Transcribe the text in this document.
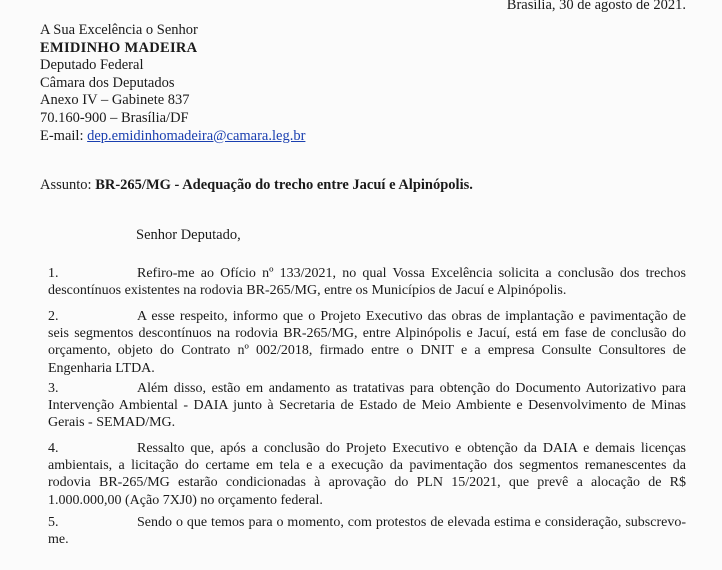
Brasília, 30 de agosto de 2021.
A Sua Excelência o Senhor
EMIDINHO MADEIRA
Deputado Federal
Câmara dos Deputados
Anexo IV – Gabinete 837
70.160-900 – Brasília/DF
E-mail: dep.emidinhomadeira@camara.leg.br
Assunto: BR-265/MG - Adequação do trecho entre Jacuí e Alpinópolis.
Senhor Deputado,
1.	Refiro-me ao Ofício nº 133/2021, no qual Vossa Excelência solicita a conclusão dos trechos descontínuos existentes na rodovia BR-265/MG, entre os Municípios de Jacuí e Alpinópolis.
2.	A esse respeito, informo que o Projeto Executivo das obras de implantação e pavimentação de seis segmentos descontínuos na rodovia BR-265/MG, entre Alpinópolis e Jacuí, está em fase de conclusão do orçamento, objeto do Contrato nº 002/2018, firmado entre o DNIT e a empresa Consulte Consultores de Engenharia LTDA.
3.	Além disso, estão em andamento as tratativas para obtenção do Documento Autorizativo para Intervenção Ambiental - DAIA junto à Secretaria de Estado de Meio Ambiente e Desenvolvimento de Minas Gerais - SEMAD/MG.
4.	Ressalto que, após a conclusão do Projeto Executivo e obtenção da DAIA e demais licenças ambientais, a licitação do certame em tela e a execução da pavimentação dos segmentos remanescentes da rodovia BR-265/MG estarão condicionadas à aprovação do PLN 15/2021, que prevê a alocação de R$ 1.000.000,00 (Ação 7XJ0) no orçamento federal.
5.	Sendo o que temos para o momento, com protestos de elevada estima e consideração, subscrevo-me.
